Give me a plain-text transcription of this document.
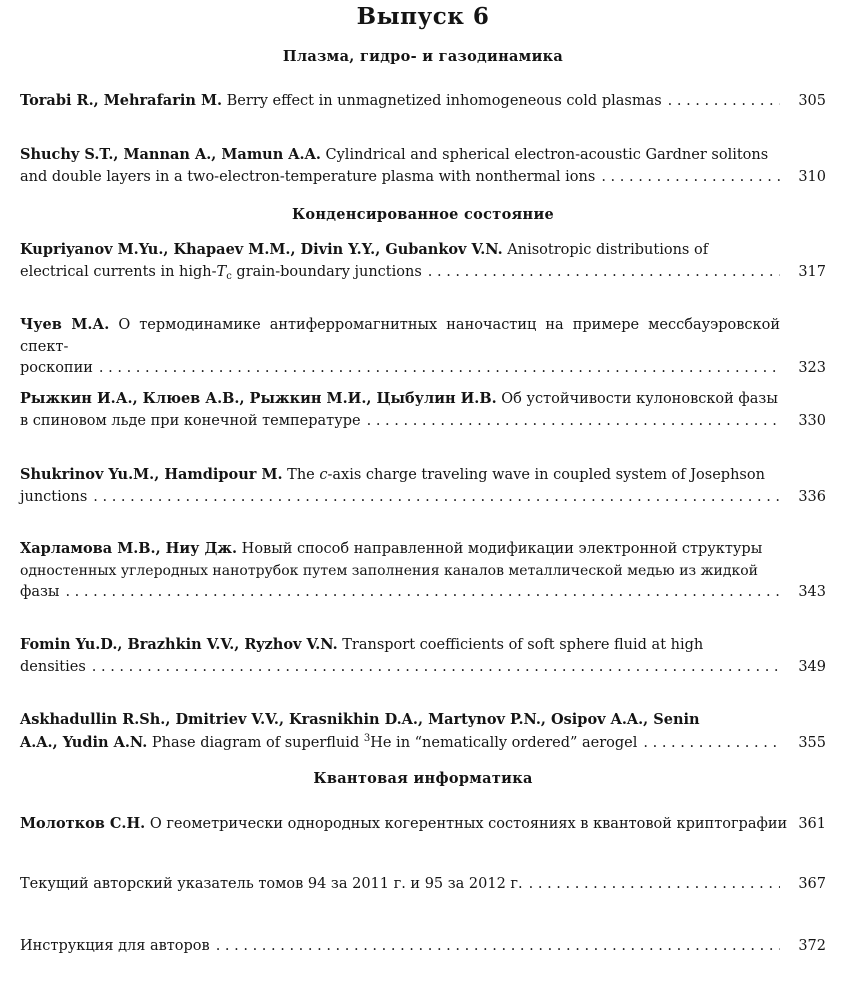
Выпуск 6
Плазма, гидро- и газодинамика
Torabi R., Mehrafarin M. Berry effect in unmagnetized inhomogeneous cold plasmas . . .	305
Shuchy S.T., Mannan A., Mamun A.A. Cylindrical and spherical electron-acoustic Gardner solitons
and double layers in a two-electron-temperature plasma with nonthermal ions . . .	310
Конденсированное состояние
Kupriyanov M.Yu., Khapaev M.M., Divin Y.Y., Gubankov V.N. Anisotropic distributions of
electrical currents in high-$T_c$ grain-boundary junctions . . .	317
Чуев М.А. О термодинамике антиферромагнитных наночастиц на примере мессбауэровской спект-
роскопии . . .	323
Рыжкин И.А., Клюев А.В., Рыжкин М.И., Цыбулин И.В. Об устойчивости кулоновской фазы
в спиновом льде при конечной температуре . . .	330
Shukrinov Yu.M., Hamdipour M. The c-axis charge traveling wave in coupled system of Josephson
junctions . . .	336
Харламова М.В., Ниу Дж. Новый способ направленной модификации электронной структуры
одностенных углеродных нанотрубок путем заполнения каналов металлической медью из жидкой
фазы . . .	343
Fomin Yu.D., Brazhkin V.V., Ryzhov V.N. Transport coefficients of soft sphere fluid at high
densities . . .	349
Askhadullin R.Sh., Dmitriev V.V., Krasnikhin D.A., Martynov P.N., Osipov A.A., Senin
A.A., Yudin A.N. Phase diagram of superfluid $^3$He in “nematically ordered” aerogel . . .	355
Квантовая информатика
Молотков С.Н. О геометрически однородных когерентных состояниях в квантовой криптографии 361
Текущий авторский указатель томов 94 за 2011 г. и 95 за 2012 г. . . .	367
Инструкция для авторов . . .	372
